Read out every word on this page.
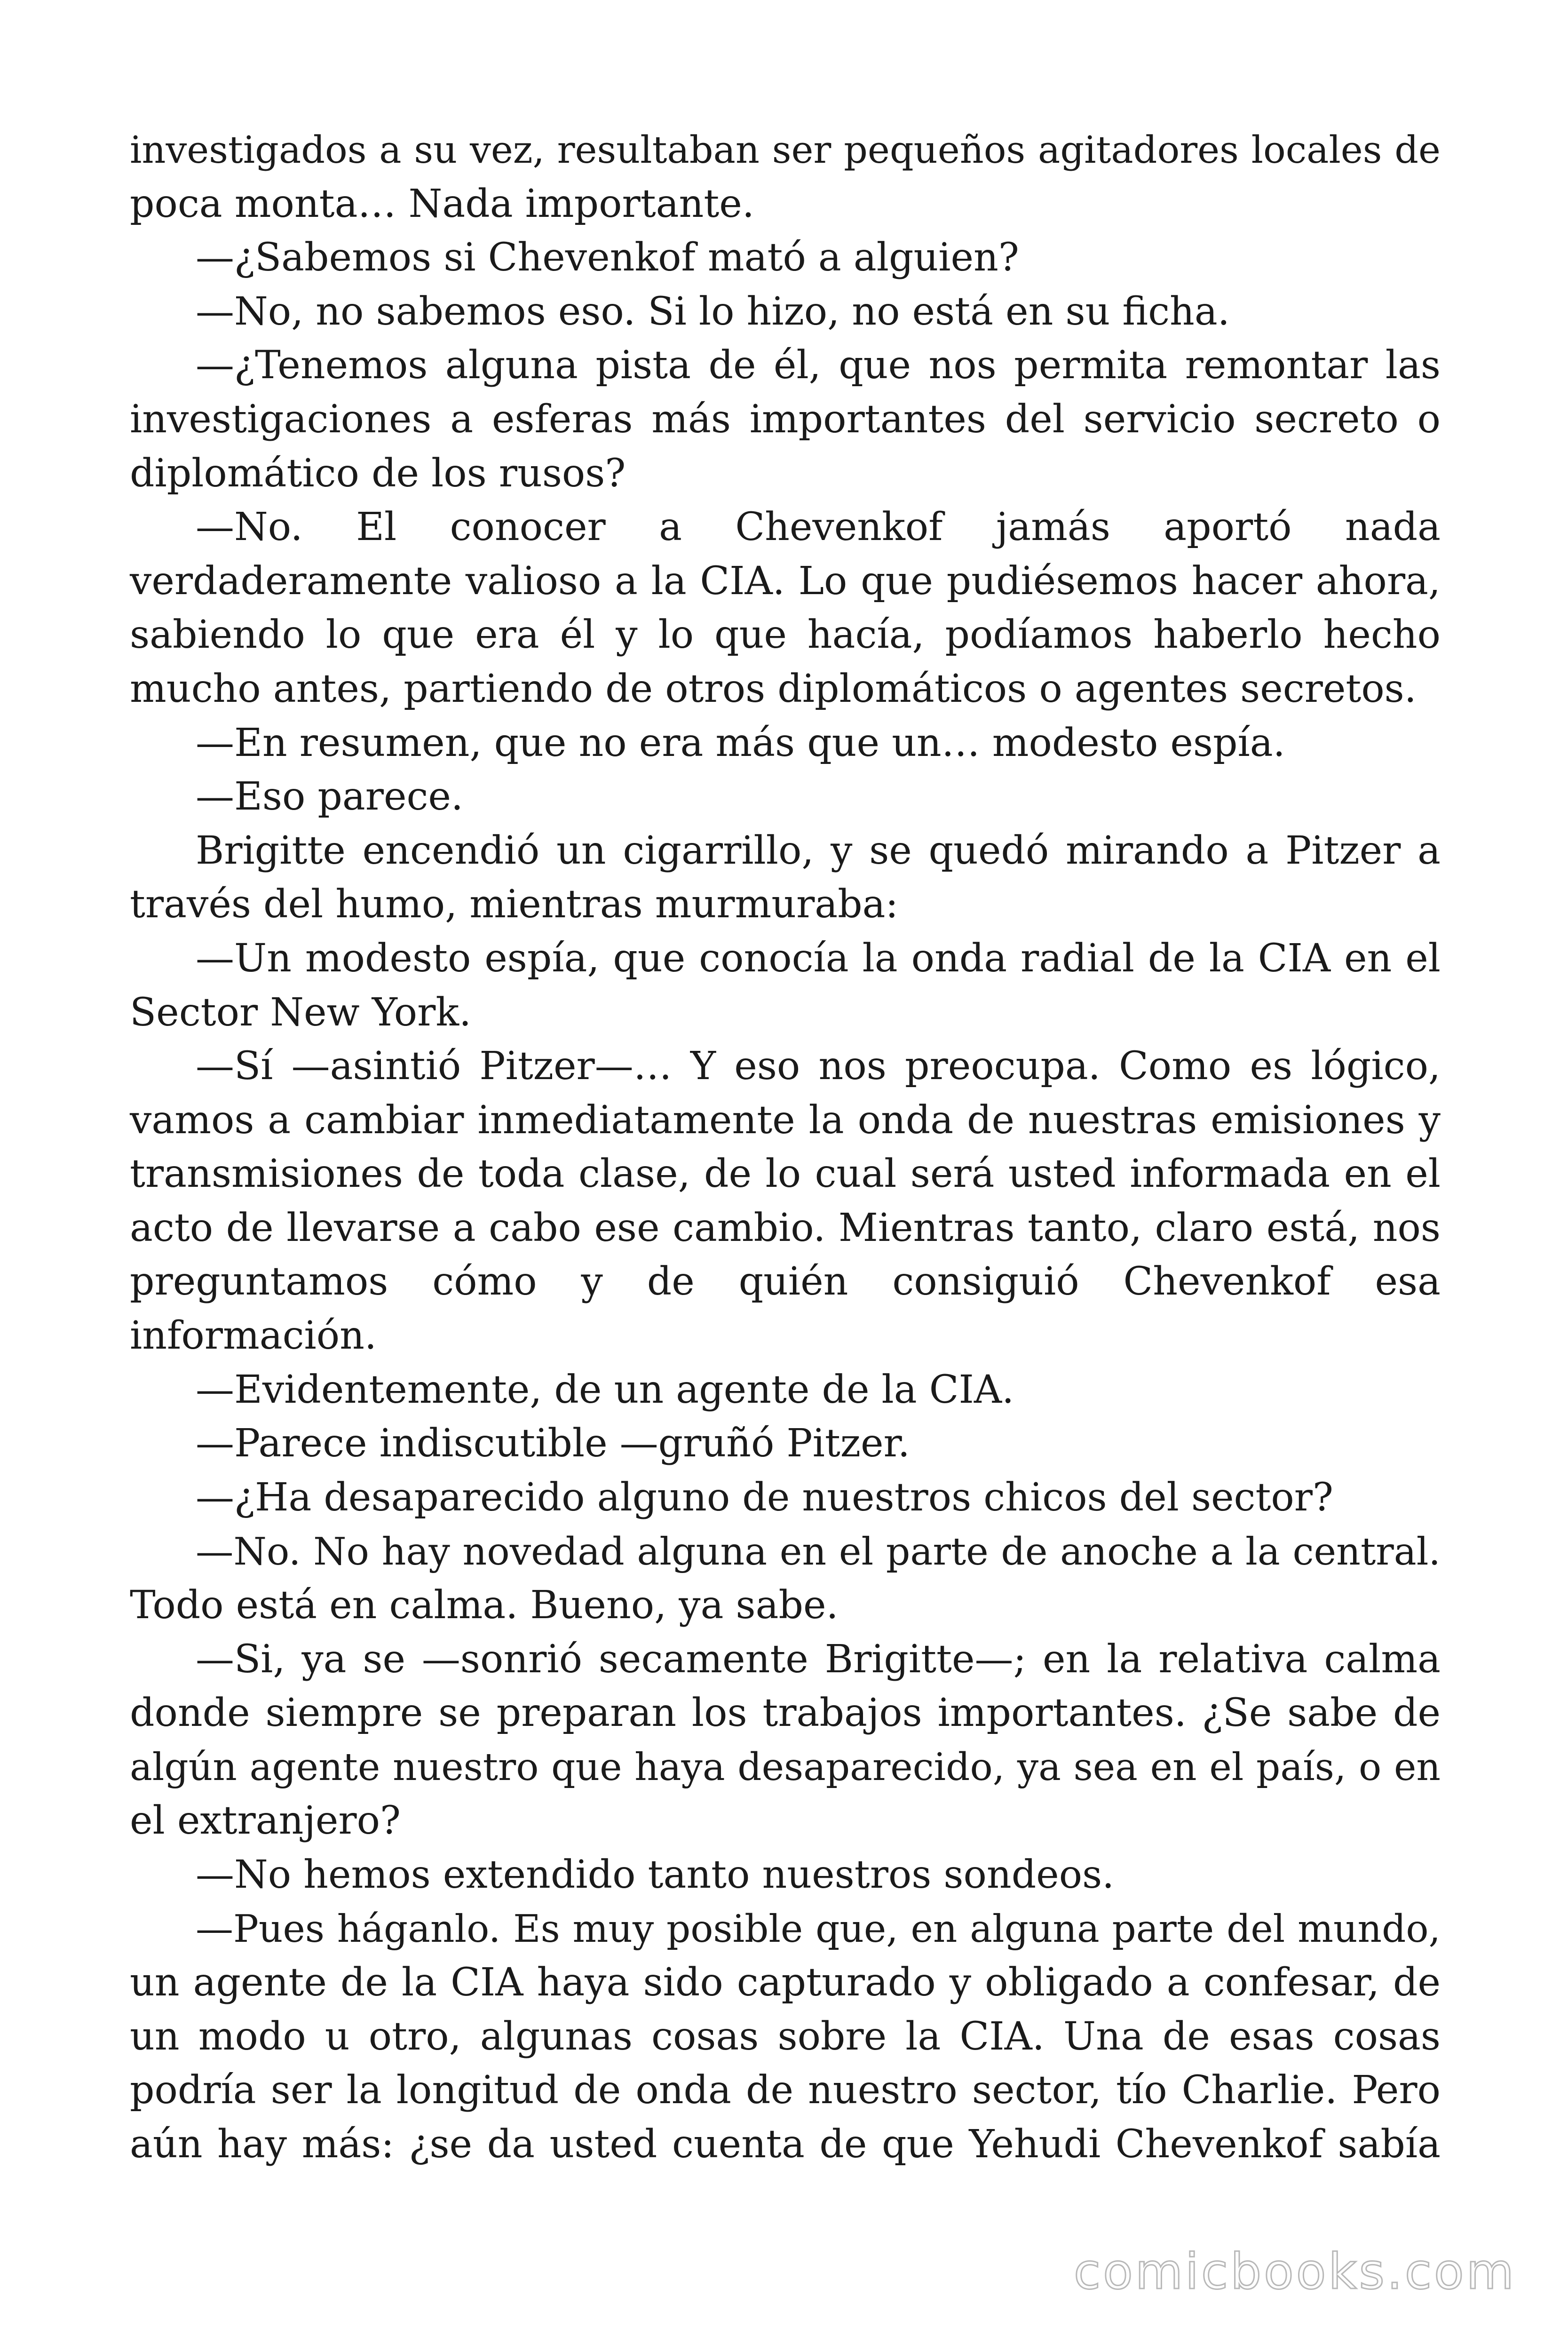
investigados a su vez, resultaban ser pequeños agitadores locales de
poca monta… Nada importante.
—¿Sabemos si Chevenkof mató a alguien?
—No, no sabemos eso. Si lo hizo, no está en su ficha.
—¿Tenemos alguna pista de él, que nos permita remontar las
investigaciones a esferas más importantes del servicio secreto o
diplomático de los rusos?
—No. El conocer a Chevenkof jamás aportó nada
verdaderamente valioso a la CIA. Lo que pudiésemos hacer ahora,
sabiendo lo que era él y lo que hacía, podíamos haberlo hecho
mucho antes, partiendo de otros diplomáticos o agentes secretos.
—En resumen, que no era más que un… modesto espía.
—Eso parece.
Brigitte encendió un cigarrillo, y se quedó mirando a Pitzer a
través del humo, mientras murmuraba:
—Un modesto espía, que conocía la onda radial de la CIA en el
Sector New York.
—Sí —asintió Pitzer—… Y eso nos preocupa. Como es lógico,
vamos a cambiar inmediatamente la onda de nuestras emisiones y
transmisiones de toda clase, de lo cual será usted informada en el
acto de llevarse a cabo ese cambio. Mientras tanto, claro está, nos
preguntamos cómo y de quién consiguió Chevenkof esa
información.
—Evidentemente, de un agente de la CIA.
—Parece indiscutible —gruñó Pitzer.
—¿Ha desaparecido alguno de nuestros chicos del sector?
—No. No hay novedad alguna en el parte de anoche a la central.
Todo está en calma. Bueno, ya sabe.
—Si, ya se —sonrió secamente Brigitte—; en la relativa calma
donde siempre se preparan los trabajos importantes. ¿Se sabe de
algún agente nuestro que haya desaparecido, ya sea en el país, o en
el extranjero?
—No hemos extendido tanto nuestros sondeos.
—Pues háganlo. Es muy posible que, en alguna parte del mundo,
un agente de la CIA haya sido capturado y obligado a confesar, de
un modo u otro, algunas cosas sobre la CIA. Una de esas cosas
podría ser la longitud de onda de nuestro sector, tío Charlie. Pero
aún hay más: ¿se da usted cuenta de que Yehudi Chevenkof sabía
comicbooks.com
